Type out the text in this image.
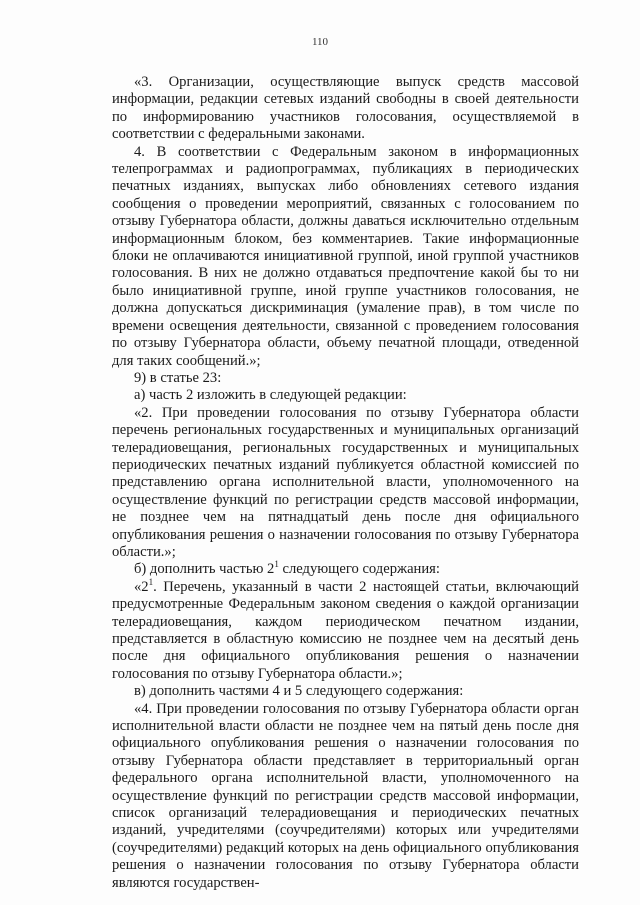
110

«3. Организации, осуществляющие выпуск средств массовой информации, редакции сетевых изданий свободны в своей деятельности по информированию участников голосования, осуществляемой в соответствии с федеральными законами.

4. В соответствии с Федеральным законом в информационных телепрограммах и радиопрограммах, публикациях в периодических печатных изданиях, выпусках либо обновлениях сетевого издания сообщения о проведении мероприятий, связанных с голосованием по отзыву Губернатора области, должны даваться исключительно отдельным информационным блоком, без комментариев. Такие информационные блоки не оплачиваются инициативной группой, иной группой участников голосования. В них не должно отдаваться предпочтение какой бы то ни было инициативной группе, иной группе участников голосования, не должна допускаться дискриминация (умаление прав), в том числе по времени освещения деятельности, связанной с проведением голосования по отзыву Губернатора области, объему печатной площади, отведенной для таких сообщений.»;

9) в статье 23:

а) часть 2 изложить в следующей редакции:

«2. При проведении голосования по отзыву Губернатора области перечень региональных государственных и муниципальных организаций телерадиовещания, региональных государственных и муниципальных периодических печатных изданий публикуется областной комиссией по представлению органа исполнительной власти, уполномоченного на осуществление функций по регистрации средств массовой информации, не позднее чем на пятнадцатый день после дня официального опубликования решения о назначении голосования по отзыву Губернатора области.»;

б) дополнить частью $2^1$ следующего содержания:

«$2^1$. Перечень, указанный в части 2 настоящей статьи, включающий предусмотренные Федеральным законом сведения о каждой организации телерадиовещания, каждом периодическом печатном издании, представляется в областную комиссию не позднее чем на десятый день после дня официального опубликования решения о назначении голосования по отзыву Губернатора области.»;

в) дополнить частями 4 и 5 следующего содержания:

«4. При проведении голосования по отзыву Губернатора области орган исполнительной власти области не позднее чем на пятый день после дня официального опубликования решения о назначении голосования по отзыву Губернатора области представляет в территориальный орган федерального органа исполнительной власти, уполномоченного на осуществление функций по регистрации средств массовой информации, список организаций телерадиовещания и периодических печатных изданий, учредителями (соучредителями) которых или учредителями (соучредителями) редакций которых на день официального опубликования решения о назначении голосования по отзыву Губернатора области являются государствен-
